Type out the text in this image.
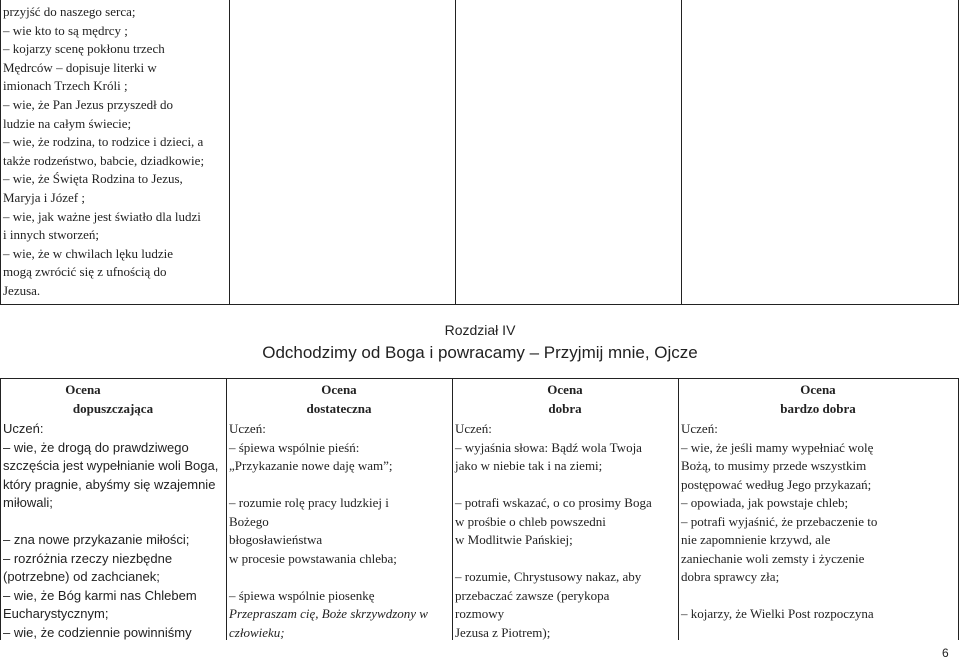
przyjść do naszego serca;
– wie kto to są mędrcy ;
– kojarzy scenę pokłonu trzech
Mędrców – dopisuje literki w
imionach Trzech Króli ;
– wie, że Pan Jezus przyszedł do
ludzie na całym świecie;
– wie, że rodzina, to rodzice i dzieci, a
także rodzeństwo, babcie, dziadkowie;
– wie, że Święta Rodzina to Jezus,
Maryja i Józef ;
– wie, jak ważne jest światło dla ludzi
i innych stworzeń;
– wie, że w chwilach lęku ludzie
mogą zwrócić się z ufnością do
Jezusa.
Rozdział IV
Odchodzimy od Boga i powracamy – Przyjmij mnie, Ojcze
Ocena
dopuszczająca
Ocena
dostateczna
Ocena
dobra
Ocena
bardzo dobra
Uczeń:
– wie, że drogą do prawdziwego
szczęścia jest wypełnianie woli Boga,
który pragnie, abyśmy się wzajemnie
miłowali;
– zna nowe przykazanie miłości;
– rozróżnia rzeczy niezbędne
(potrzebne) od zachcianek;
– wie, że Bóg karmi nas Chlebem
Eucharystycznym;
– wie, że codziennie powinniśmy
Uczeń:
– śpiewa wspólnie pieśń:
„Przykazanie nowe daję wam”;
– rozumie rolę pracy ludzkiej i
Bożego
błogosławieństwa
w procesie powstawania chleba;
– śpiewa wspólnie piosenkę
Przepraszam cię, Boże skrzywdzony w
człowieku;
Uczeń:
– wyjaśnia słowa: Bądź wola Twoja
jako w niebie tak i na ziemi;
– potrafi wskazać, o co prosimy Boga
w prośbie o chleb powszedni
w Modlitwie Pańskiej;
– rozumie, Chrystusowy nakaz, aby
przebaczać zawsze (perykopa
rozmowy
Jezusa z Piotrem);
Uczeń:
– wie, że jeśli mamy wypełniać wolę
Bożą, to musimy przede wszystkim
postępować według Jego przykazań;
– opowiada, jak powstaje chleb;
– potrafi wyjaśnić, że przebaczenie to
nie zapomnienie krzywd, ale
zaniechanie woli zemsty i życzenie
dobra sprawcy zła;
– kojarzy, że Wielki Post rozpoczyna
6
